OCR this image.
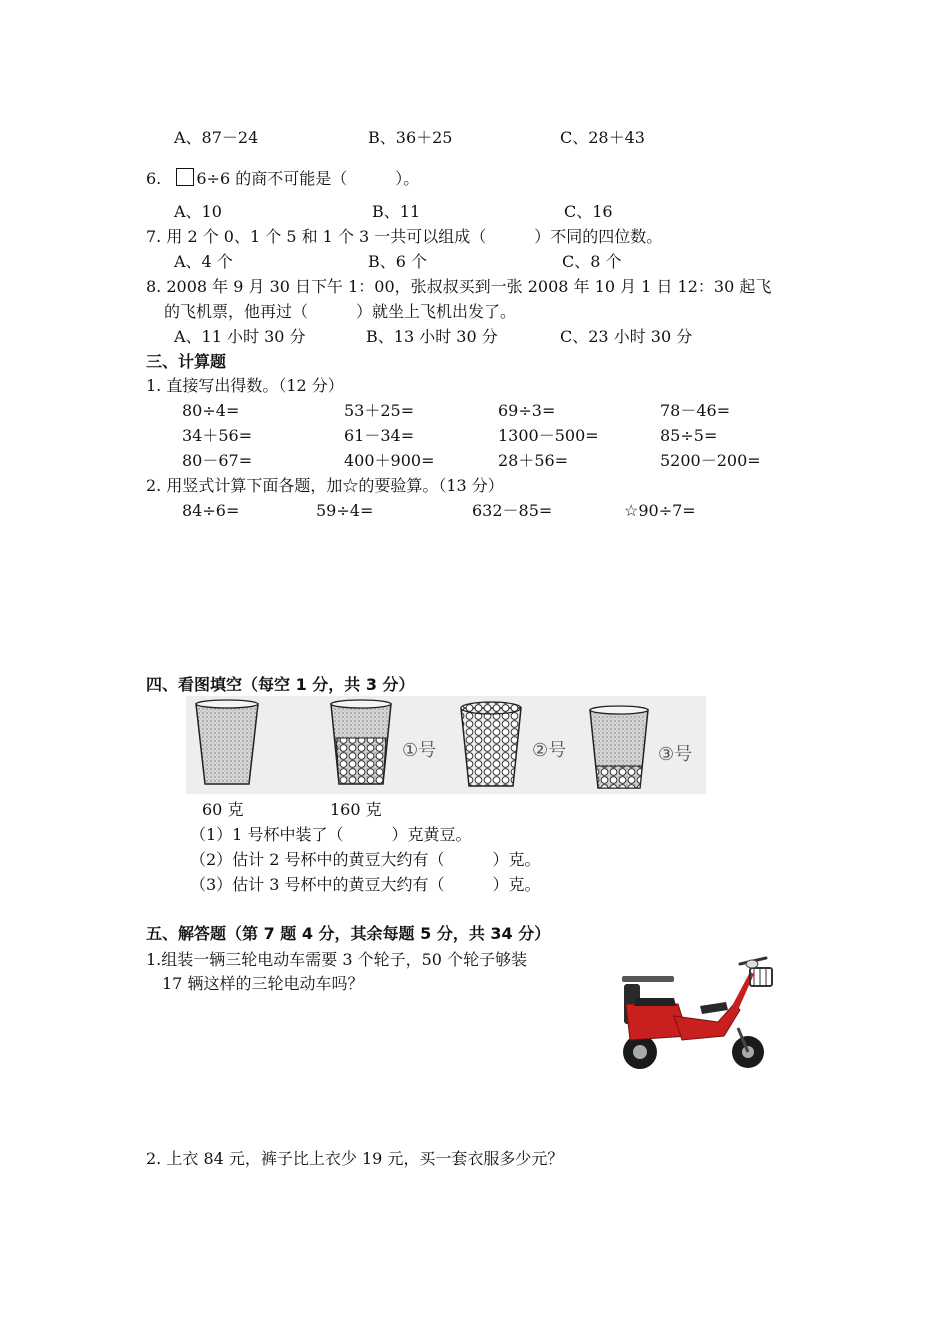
A、87－24	B、36＋25	C、28＋43
6. 6÷6 的商不可能是（　　　）。
A、10	B、11	C、16
7. 用 2 个 0、1 个 5 和 1 个 3 一共可以组成（　　　）不同的四位数。
A、4 个	B、6 个	C、8 个
8. 2008 年 9 月 30 日下午 1：00，张叔叔买到一张 2008 年 10 月 1 日 12：30 起飞
的飞机票，他再过（　　　）就坐上飞机出发了。
A、11 小时 30 分	B、13 小时 30 分	C、23 小时 30 分
三、计算题
1. 直接写出得数。（12 分）
80÷4=	53＋25=	69÷3=	78－46=
34＋56=	61－34=	1300－500=	85÷5=
80－67=	400＋900=	28＋56=	5200－200=
2. 用竖式计算下面各题，加☆的要验算。（13 分）
84÷6=	59÷4=	632－85=	☆90÷7=
四、看图填空（每空 1 分，共 3 分）
①号	②号	③号
60 克	160 克
（1）1 号杯中装了（　　　）克黄豆。
（2）估计 2 号杯中的黄豆大约有（　　　）克。
（3）估计 3 号杯中的黄豆大约有（　　　）克。
五、解答题（第 7 题 4 分，其余每题 5 分，共 34 分）
1.组装一辆三轮电动车需要 3 个轮子，50 个轮子够装
17 辆这样的三轮电动车吗？
2. 上衣 84 元，裤子比上衣少 19 元，买一套衣服多少元？
